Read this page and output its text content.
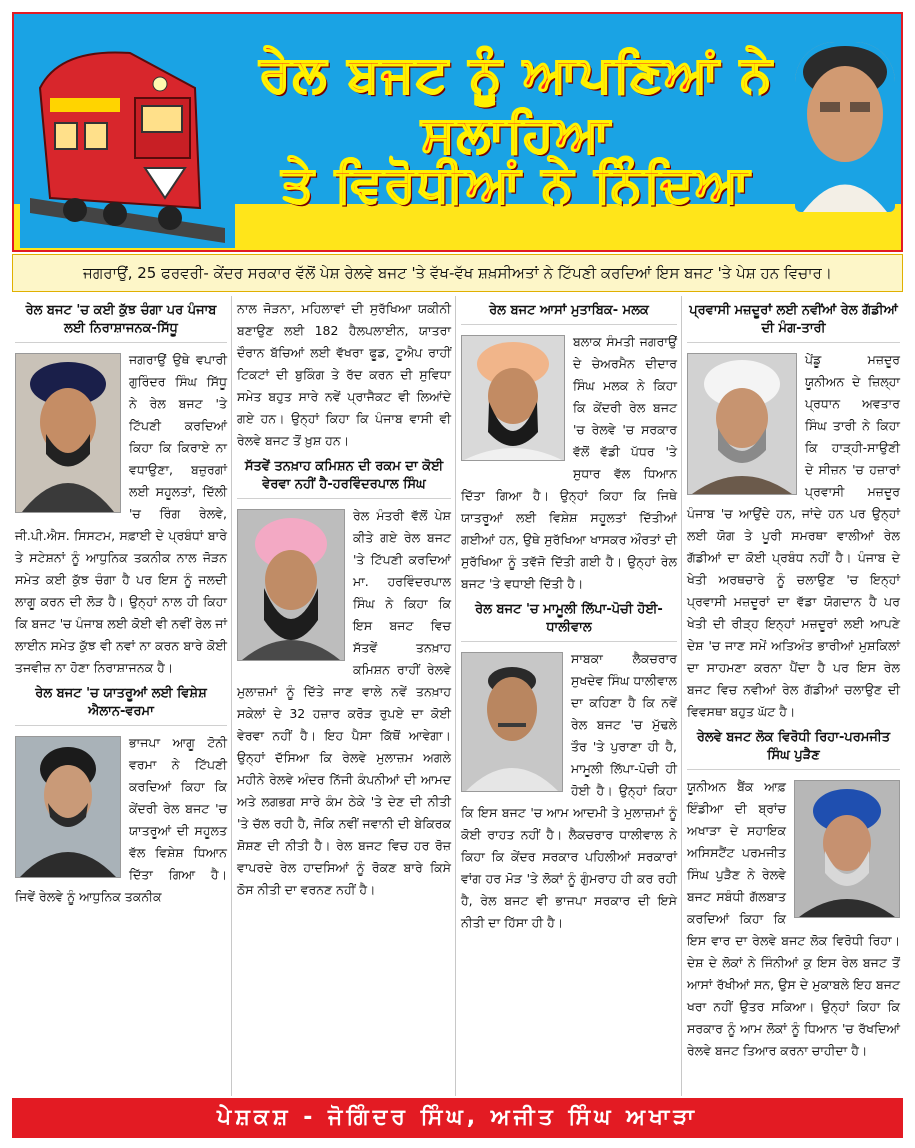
ਰੇਲ ਬਜਟ ਨੂੰ ਆਪਣਿਆਂ ਨੇ ਸਲਾਹਿਆ
ਤੇ ਵਿਰੋਧੀਆਂ ਨੇ ਨਿੰਦਿਆ
ਜਗਰਾਉਂ, 25 ਫਰਵਰੀ- ਕੇਂਦਰ ਸਰਕਾਰ ਵੱਲੋਂ ਪੇਸ਼ ਰੇਲਵੇ ਬਜਟ 'ਤੇ ਵੱਖ-ਵੱਖ ਸ਼ਖ਼ਸੀਅਤਾਂ ਨੇ ਟਿੱਪਣੀ ਕਰਦਿਆਂ ਇਸ ਬਜਟ 'ਤੇ ਪੇਸ਼ ਹਨ ਵਿਚਾਰ।
ਰੇਲ ਬਜਟ 'ਚ ਕਈ ਕੁੱਝ ਚੰਗਾ ਪਰ ਪੰਜਾਬ ਲਈ ਨਿਰਾਸ਼ਾਜਨਕ-ਸਿੱਧੂ

ਜਗਰਾਉਂ ਉਥੇ ਵਪਾਰੀ ਗੁਰਿੰਦਰ ਸਿੰਘ ਸਿੱਧੂ ਨੇ ਰੇਲ ਬਜਟ 'ਤੇ ਟਿੱਪਣੀ ਕਰਦਿਆਂ ਕਿਹਾ ਕਿ ਕਿਰਾਏ ਨਾ ਵਧਾਉਣਾ, ਬਜ਼ੁਰਗਾਂ ਲਈ ਸਹੂਲਤਾਂ, ਦਿੱਲੀ 'ਚ ਰਿੰਗ ਰੇਲਵੇ, ਜੀ.ਪੀ.ਐਸ. ਸਿਸਟਮ, ਸਫ਼ਾਈ ਦੇ ਪ੍ਰਬੰਧਾਂ ਬਾਰੇ ਤੇ ਸਟੇਸ਼ਨਾਂ ਨੂੰ ਆਧੁਨਿਕ ਤਕਨੀਕ ਨਾਲ ਜੋੜਨ ਸਮੇਤ ਕਈ ਕੁੱਝ ਚੰਗਾ ਹੈ ਪਰ ਇਸ ਨੂੰ ਜਲਦੀ ਲਾਗੂ ਕਰਨ ਦੀ ਲੋੜ ਹੈ। ਉਨ੍ਹਾਂ ਨਾਲ ਹੀ ਕਿਹਾ ਕਿ ਬਜਟ 'ਚ ਪੰਜਾਬ ਲਈ ਕੋਈ ਵੀ ਨਵੀਂ ਰੇਲ ਜਾਂ ਲਾਈਨ ਸਮੇਤ ਕੁੱਝ ਵੀ ਨਵਾਂ ਨਾ ਕਰਨ ਬਾਰੇ ਕੋਈ ਤਜਵੀਜ਼ ਨਾ ਹੋਣਾ ਨਿਰਾਸ਼ਾਜਨਕ ਹੈ।

ਰੇਲ ਬਜਟ 'ਚ ਯਾਤਰੂਆਂ ਲਈ ਵਿਸ਼ੇਸ਼ ਐਲਾਨ-ਵਰਮਾ

ਭਾਜਪਾ ਆਗੂ ਟੋਨੀ ਵਰਮਾ ਨੇ ਟਿੱਪਣੀ ਕਰਦਿਆਂ ਕਿਹਾ ਕਿ ਕੇਂਦਰੀ ਰੇਲ ਬਜਟ 'ਚ ਯਾਤਰੂਆਂ ਦੀ ਸਹੂਲਤ ਵੱਲ ਵਿਸ਼ੇਸ਼ ਧਿਆਨ ਦਿੱਤਾ ਗਿਆ ਹੈ। ਜਿਵੇਂ ਰੇਲਵੇ ਨੂੰ ਆਧੁਨਿਕ ਤਕਨੀਕ

ਨਾਲ ਜੋੜਨਾ, ਮਹਿਲਾਵਾਂ ਦੀ ਸੁਰੱਖਿਆ ਯਕੀਨੀ ਬਣਾਉਣ ਲਈ 182 ਹੈਲਪਲਾਈਨ, ਯਾਤਰਾ ਦੌਰਾਨ ਬੱਚਿਆਂ ਲਈ ਵੱਖਰਾ ਫੂਡ, ਟੂਐਪ ਰਾਹੀਂ ਟਿਕਟਾਂ ਦੀ ਬੁਕਿੰਗ ਤੇ ਰੱਦ ਕਰਨ ਦੀ ਸੁਵਿਧਾ ਸਮੇਤ ਬਹੁਤ ਸਾਰੇ ਨਵੇਂ ਪ੍ਰਾਜੈਕਟ ਵੀ ਲਿਆਂਦੇ ਗਏ ਹਨ। ਉਨ੍ਹਾਂ ਕਿਹਾ ਕਿ ਪੰਜਾਬ ਵਾਸੀ ਵੀ ਰੇਲਵੇ ਬਜਟ ਤੋਂ ਖ਼ੁਸ਼ ਹਨ।

ਸੱਤਵੇਂ ਤਨਖ਼ਾਹ ਕਮਿਸ਼ਨ ਦੀ ਰਕਮ ਦਾ ਕੋਈ ਵੇਰਵਾ ਨਹੀਂ ਹੈ-ਹਰਵਿੰਦਰਪਾਲ ਸਿੰਘ

ਰੇਲ ਮੰਤਰੀ ਵੱਲੋਂ ਪੇਸ਼ ਕੀਤੇ ਗਏ ਰੇਲ ਬਜਟ 'ਤੇ ਟਿੱਪਣੀ ਕਰਦਿਆਂ ਮਾ. ਹਰਵਿੰਦਰਪਾਲ ਸਿੰਘ ਨੇ ਕਿਹਾ ਕਿ ਇਸ ਬਜਟ ਵਿਚ ਸੱਤਵੇਂ ਤਨਖ਼ਾਹ ਕਮਿਸ਼ਨ ਰਾਹੀਂ ਰੇਲਵੇ ਮੁਲਾਜ਼ਮਾਂ ਨੂੰ ਦਿੱਤੇ ਜਾਣ ਵਾਲੇ ਨਵੇਂ ਤਨਖ਼ਾਹ ਸਕੇਲਾਂ ਦੇ 32 ਹਜ਼ਾਰ ਕਰੋੜ ਰੁਪਏ ਦਾ ਕੋਈ ਵੇਰਵਾ ਨਹੀਂ ਹੈ। ਇਹ ਪੈਸਾ ਕਿੱਥੋਂ ਆਵੇਗਾ। ਉਨ੍ਹਾਂ ਦੱਸਿਆ ਕਿ ਰੇਲਵੇ ਮੁਲਾਜ਼ਮ ਅਗਲੇ ਮਹੀਨੇ ਰੇਲਵੇ ਅੰਦਰ ਨਿੱਜੀ ਕੰਪਨੀਆਂ ਦੀ ਆਮਦ ਅਤੇ ਲਗਭਗ ਸਾਰੇ ਕੰਮ ਠੇਕੇ 'ਤੇ ਦੇਣ ਦੀ ਨੀਤੀ 'ਤੇ ਚੱਲ ਰਹੀ ਹੈ, ਜੋਕਿ ਨਵੀਂ ਜਵਾਨੀ ਦੀ ਬੇਕਿਰਕ ਸ਼ੋਸ਼ਣ ਦੀ ਨੀਤੀ ਹੈ। ਰੇਲ ਬਜਟ ਵਿਚ ਹਰ ਰੋਜ਼ ਵਾਪਰਦੇ ਰੇਲ ਹਾਦਸਿਆਂ ਨੂੰ ਰੋਕਣ ਬਾਰੇ ਕਿਸੇ ਠੋਸ ਨੀਤੀ ਦਾ ਵਰਨਣ ਨਹੀਂ ਹੈ।

ਰੇਲ ਬਜਟ ਆਸਾਂ ਮੁਤਾਬਿਕ- ਮਲਕ

ਬਲਾਕ ਸੰਮਤੀ ਜਗਰਾਉਂ ਦੇ ਚੇਅਰਮੈਨ ਦੀਦਾਰ ਸਿੰਘ ਮਲਕ ਨੇ ਕਿਹਾ ਕਿ ਕੇਂਦਰੀ ਰੇਲ ਬਜਟ 'ਚ ਰੇਲਵੇ 'ਚ ਸਰਕਾਰ ਵੱਲੋਂ ਵੱਡੀ ਪੱਧਰ 'ਤੇ ਸੁਧਾਰ ਵੱਲ ਧਿਆਨ ਦਿੱਤਾ ਗਿਆ ਹੈ। ਉਨ੍ਹਾਂ ਕਿਹਾ ਕਿ ਜਿਥੇ ਯਾਤਰੂਆਂ ਲਈ ਵਿਸ਼ੇਸ਼ ਸਹੂਲਤਾਂ ਦਿੱਤੀਆਂ ਗਈਆਂ ਹਨ, ਉਥੇ ਸੁਰੱਖਿਆ ਖਾਸਕਰ ਔਰਤਾਂ ਦੀ ਸੁਰੱਖਿਆ ਨੂੰ ਤਵੱਜੋ ਦਿੱਤੀ ਗਈ ਹੈ। ਉਨ੍ਹਾਂ ਰੇਲ ਬਜਟ 'ਤੇ ਵਧਾਈ ਦਿੱਤੀ ਹੈ।

ਰੇਲ ਬਜਟ 'ਚ ਮਾਮੂਲੀ ਲਿੱਪਾ-ਪੋਚੀ ਹੋਈ-ਧਾਲੀਵਾਲ

ਸਾਬਕਾ ਲੈਕਚਰਾਰ ਸੁਖਦੇਵ ਸਿੰਘ ਧਾਲੀਵਾਲ ਦਾ ਕਹਿਣਾ ਹੈ ਕਿ ਨਵੇਂ ਰੇਲ ਬਜਟ 'ਚ ਮੁੱਢਲੇ ਤੌਰ 'ਤੇ ਪੁਰਾਣਾ ਹੀ ਹੈ, ਮਾਮੂਲੀ ਲਿੱਪਾ-ਪੋਚੀ ਹੀ ਹੋਈ ਹੈ। ਉਨ੍ਹਾਂ ਕਿਹਾ ਕਿ ਇਸ ਬਜਟ 'ਚ ਆਮ ਆਦਮੀ ਤੇ ਮੁਲਾਜ਼ਮਾਂ ਨੂੰ ਕੋਈ ਰਾਹਤ ਨਹੀਂ ਹੈ। ਲੈਕਚਰਾਰ ਧਾਲੀਵਾਲ ਨੇ ਕਿਹਾ ਕਿ ਕੇਂਦਰ ਸਰਕਾਰ ਪਹਿਲੀਆਂ ਸਰਕਾਰਾਂ ਵਾਂਗ ਹਰ ਮੋੜ 'ਤੇ ਲੋਕਾਂ ਨੂੰ ਗੁੰਮਰਾਹ ਹੀ ਕਰ ਰਹੀ ਹੈ, ਰੇਲ ਬਜਟ ਵੀ ਭਾਜਪਾ ਸਰਕਾਰ ਦੀ ਇਸੇ ਨੀਤੀ ਦਾ ਹਿੱਸਾ ਹੀ ਹੈ।

ਪ੍ਰਵਾਸੀ ਮਜ਼ਦੂਰਾਂ ਲਈ ਨਵੀਂਆਂ ਰੇਲ ਗੱਡੀਆਂ ਦੀ ਮੰਗ-ਤਾਰੀ

ਪੇਂਡੂ ਮਜ਼ਦੂਰ ਯੂਨੀਅਨ ਦੇ ਜ਼ਿਲ੍ਹਾ ਪ੍ਰਧਾਨ ਅਵਤਾਰ ਸਿੰਘ ਤਾਰੀ ਨੇ ਕਿਹਾ ਕਿ ਹਾੜ੍ਹੀ-ਸਾਉਣੀ ਦੇ ਸੀਜ਼ਨ 'ਚ ਹਜ਼ਾਰਾਂ ਪ੍ਰਵਾਸੀ ਮਜ਼ਦੂਰ ਪੰਜਾਬ 'ਚ ਆਉਂਦੇ ਹਨ, ਜਾਂਦੇ ਹਨ ਪਰ ਉਨ੍ਹਾਂ ਲਈ ਯੋਗ ਤੇ ਪੂਰੀ ਸਮਰਥਾ ਵਾਲੀਆਂ ਰੇਲ ਗੱਡੀਆਂ ਦਾ ਕੋਈ ਪ੍ਰਬੰਧ ਨਹੀਂ ਹੈ। ਪੰਜਾਬ ਦੇ ਖੇਤੀ ਅਰਥਚਾਰੇ ਨੂੰ ਚਲਾਉਣ 'ਚ ਇਨ੍ਹਾਂ ਪ੍ਰਵਾਸੀ ਮਜ਼ਦੂਰਾਂ ਦਾ ਵੱਡਾ ਯੋਗਦਾਨ ਹੈ ਪਰ ਖੇਤੀ ਦੀ ਰੀੜ੍ਹ ਇਨ੍ਹਾਂ ਮਜ਼ਦੂਰਾਂ ਲਈ ਆਪਣੇ ਦੇਸ਼ 'ਚ ਜਾਣ ਸਮੇਂ ਅਤਿਅੰਤ ਭਾਰੀਆਂ ਮੁਸ਼ਕਿਲਾਂ ਦਾ ਸਾਹਮਣਾ ਕਰਨਾ ਪੈਂਦਾ ਹੈ ਪਰ ਇਸ ਰੇਲ ਬਜਟ ਵਿਚ ਨਵੀਆਂ ਰੇਲ ਗੱਡੀਆਂ ਚਲਾਉਣ ਦੀ ਵਿਵਸਥਾ ਬਹੁਤ ਘੱਟ ਹੈ।

ਰੇਲਵੇ ਬਜਟ ਲੋਕ ਵਿਰੋਧੀ ਰਿਹਾ-ਪਰਮਜੀਤ ਸਿੰਘ ਪੁੜੈਣ

ਯੂਨੀਅਨ ਬੈਂਕ ਆਫ਼ ਇੰਡੀਆ ਦੀ ਬ੍ਰਾਂਚ ਅਖਾੜਾ ਦੇ ਸਹਾਇਕ ਅਸਿਸਟੈਂਟ ਪਰਮਜੀਤ ਸਿੰਘ ਪੁੜੈਣ ਨੇ ਰੇਲਵੇ ਬਜਟ ਸਬੰਧੀ ਗੱਲਬਾਤ ਕਰਦਿਆਂ ਕਿਹਾ ਕਿ ਇਸ ਵਾਰ ਦਾ ਰੇਲਵੇ ਬਜਟ ਲੋਕ ਵਿਰੋਧੀ ਰਿਹਾ। ਦੇਸ਼ ਦੇ ਲੋਕਾਂ ਨੇ ਜਿੰਨੀਆਂ ਕੁ ਇਸ ਰੇਲ ਬਜਟ ਤੋਂ ਆਸਾਂ ਰੱਖੀਆਂ ਸਨ, ਉਸ ਦੇ ਮੁਕਾਬਲੇ ਇਹ ਬਜਟ ਖਰਾ ਨਹੀਂ ਉਤਰ ਸਕਿਆ। ਉਨ੍ਹਾਂ ਕਿਹਾ ਕਿ ਸਰਕਾਰ ਨੂੰ ਆਮ ਲੋਕਾਂ ਨੂੰ ਧਿਆਨ 'ਚ ਰੱਖਦਿਆਂ ਰੇਲਵੇ ਬਜਟ ਤਿਆਰ ਕਰਨਾ ਚਾਹੀਦਾ ਹੈ।

ਪੇਸ਼ਕਸ਼ - ਜੋਗਿੰਦਰ ਸਿੰਘ, ਅਜੀਤ ਸਿੰਘ ਅਖਾੜਾ
